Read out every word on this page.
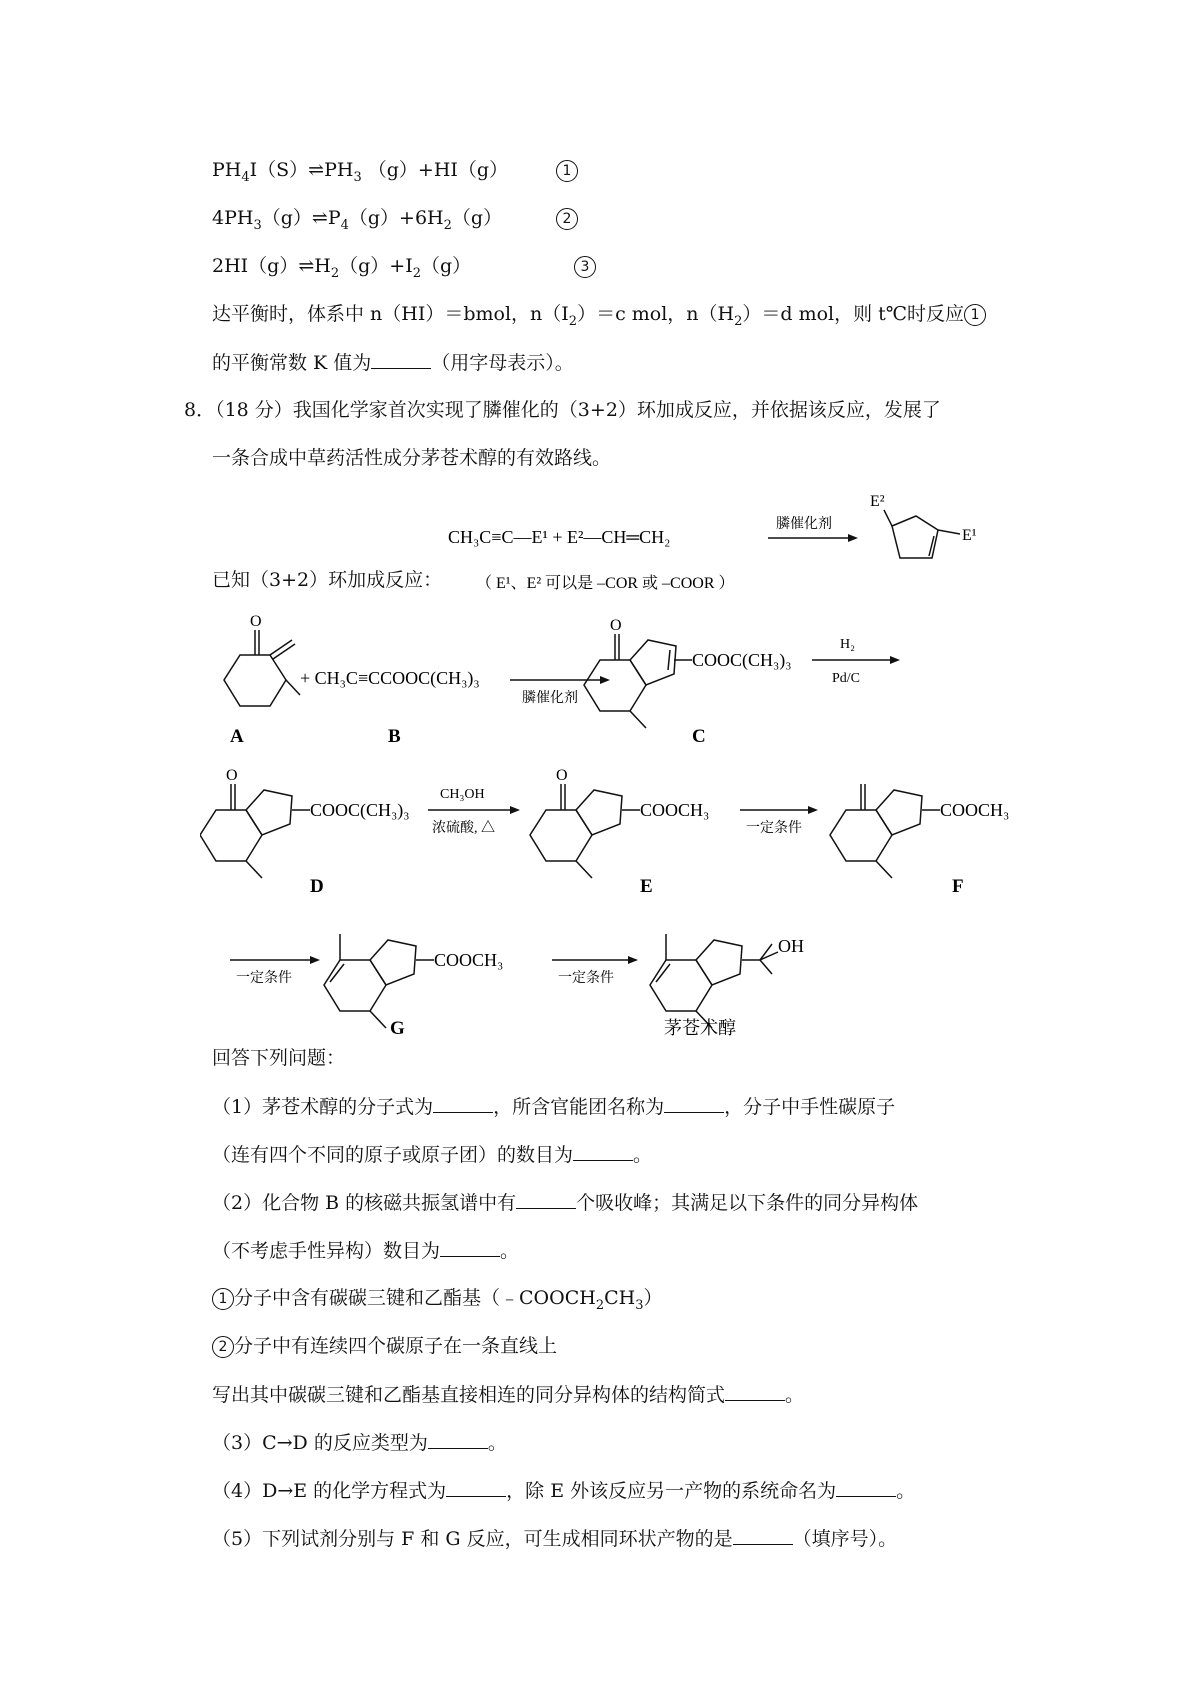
$PH_4I(S)\rightleftharpoons PH_3$ （g）+HI（g）	1
$4PH_3(g)\rightleftharpoons P_4(g)+6H_2(g)$	2
$2HI(g)\rightleftharpoons H_2(g)+I_2(g)$	3
达平衡时，体系中 n（HI）＝bmol，$n(I_2)=c$ mol，$n(H_2)=d$ mol，则 t℃时反应 1
的平衡常数 K 值为	（用字母表示）。
8．（18 分）我国化学家首次实现了膦催化的（3+2）环加成反应，并依据该反应，发展了
一条合成中草药活性成分茅苍术醇的有效路线。
CH₃C≡C—E¹ + E²—CH═CH₂
膦催化剂
E²
E¹
（ E¹、E² 可以是 –COR 或 –COOR ）
已知（3+2）环加成反应：
O
+ CH₃C≡CCOOC(CH₃)₃
膦催化剂
O
COOC(CH₃)₃
H₂
Pd/C
A	B	C
O
COOC(CH₃)₃
CH₃OH
浓硫酸, △
O
COOCH₃
一定条件
COOCH₃
D	E	F
一定条件
COOCH₃
一定条件
OH
G	茅苍术醇
回答下列问题：
（1）茅苍术醇的分子式为	，所含官能团名称为	，分子中手性碳原子
（连有四个不同的原子或原子团）的数目为	。
（2）化合物 B 的核磁共振氢谱中有	个吸收峰；其满足以下条件的同分异构体
（不考虑手性异构）数目为	。
1 分子中含有碳碳三键和乙酯基$(﹣COOCH_2CH_3)$
2 分子中有连续四个碳原子在一条直线上
写出其中碳碳三键和乙酯基直接相连的同分异构体的结构简式	。
（3）C→D 的反应类型为	。
（4）D→E 的化学方程式为	，除 E 外该反应另一产物的系统命名为	。
（5）下列试剂分别与 F 和 G 反应，可生成相同环状产物的是	（填序号）。
